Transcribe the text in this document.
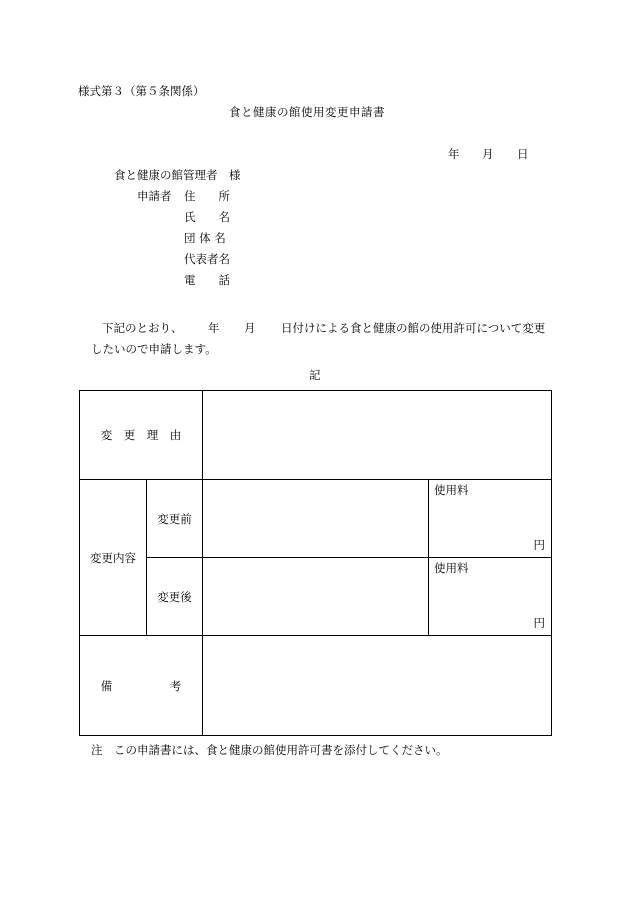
様式第３（第５条関係）
食と健康の館使用変更申請書
年 月 日
食と健康の館管理者　様
申請者 住　　所
氏　　名
団 体 名
代表者名
電　　話
下記のとおり、 年 月 日付けによる食と健康の館の使用許可について変更
したいので申請します。
記
変　更　理　由			
変更内容	変更前		使用料
円

	変更後		使用料
円

備　　　　　考			
注　この申請書には、食と健康の館使用許可書を添付してください。
